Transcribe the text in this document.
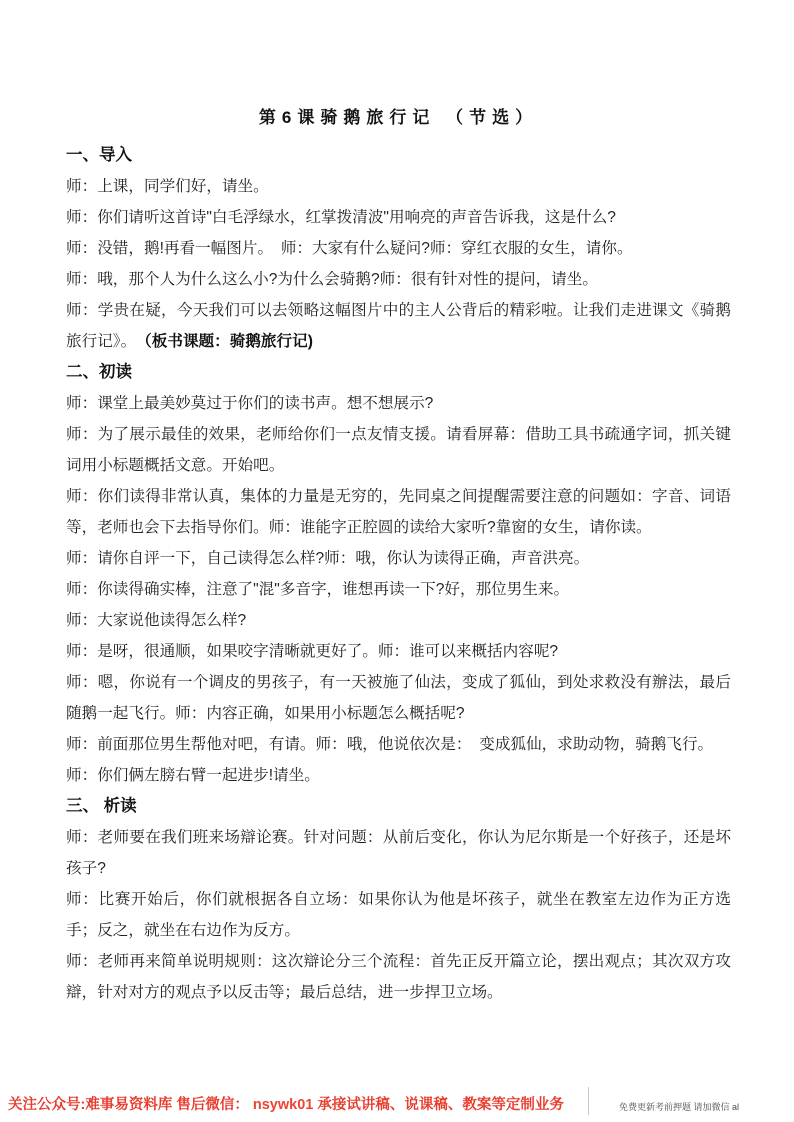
第6课骑鹅旅行记 （节选）
一、导入
师：上课，同学们好，请坐。
师：你们请听这首诗"白毛浮绿水，红掌拨清波"用响亮的声音告诉我，这是什么?
师：没错，鹅!再看一幅图片。　师：大家有什么疑问?师：穿红衣服的女生，请你。
师：哦，那个人为什么这么小?为什么会骑鹅?师：很有针对性的提问，请坐。
师：学贵在疑，今天我们可以去领略这幅图片中的主人公背后的精彩啦。让我们走进课文《骑鹅旅行记》。　（板书课题：骑鹅旅行记)
二、初读
师：课堂上最美妙莫过于你们的读书声。想不想展示?
师：为了展示最佳的效果，老师给你们一点友情支援。请看屏幕：借助工具书疏通字词，抓关键词用小标题概括文意。开始吧。
师：你们读得非常认真，集体的力量是无穷的，先同桌之间提醒需要注意的问题如：字音、词语等，老师也会下去指导你们。师：谁能字正腔圆的读给大家听?靠窗的女生，请你读。
师：请你自评一下，自己读得怎么样?师：哦，你认为读得正确，声音洪亮。
师：你读得确实棒，注意了"混"多音字，谁想再读一下?好，那位男生来。
师：大家说他读得怎么样?
师：是呀，很通顺，如果咬字清晰就更好了。师：谁可以来概括内容呢?
师：嗯，你说有一个调皮的男孩子，有一天被施了仙法，变成了狐仙，到处求救没有辦法，最后随鹅一起飞行。师：内容正确，如果用小标题怎么概括呢?
师：前面那位男生帮他对吧，有请。师：哦，他说依次是：　变成狐仙，求助动物，骑鹅飞行。
师：你们俩左膀右臂一起进步!请坐。
三、 析读
师：老师要在我们班来场辯论赛。针对问题：从前后变化，你认为尼尔斯是一个好孩子，还是坏孩子?
师：比赛开始后，你们就根据各自立场：如果你认为他是坏孩子，就坐在教室左边作为正方选手；反之，就坐在右边作为反方。
师：老师再来简单说明规则：这次辯论分三个流程：首先正反开篇立论，摆出观点；其次双方攻辯，针对对方的观点予以反击等；最后总结，进一步捍卫立场。
关注公众号:难事易资料库 售后微信： nsywk01 承接试讲稿、说课稿、教案等定制业务	免费更新考前押题 请加微信 al
